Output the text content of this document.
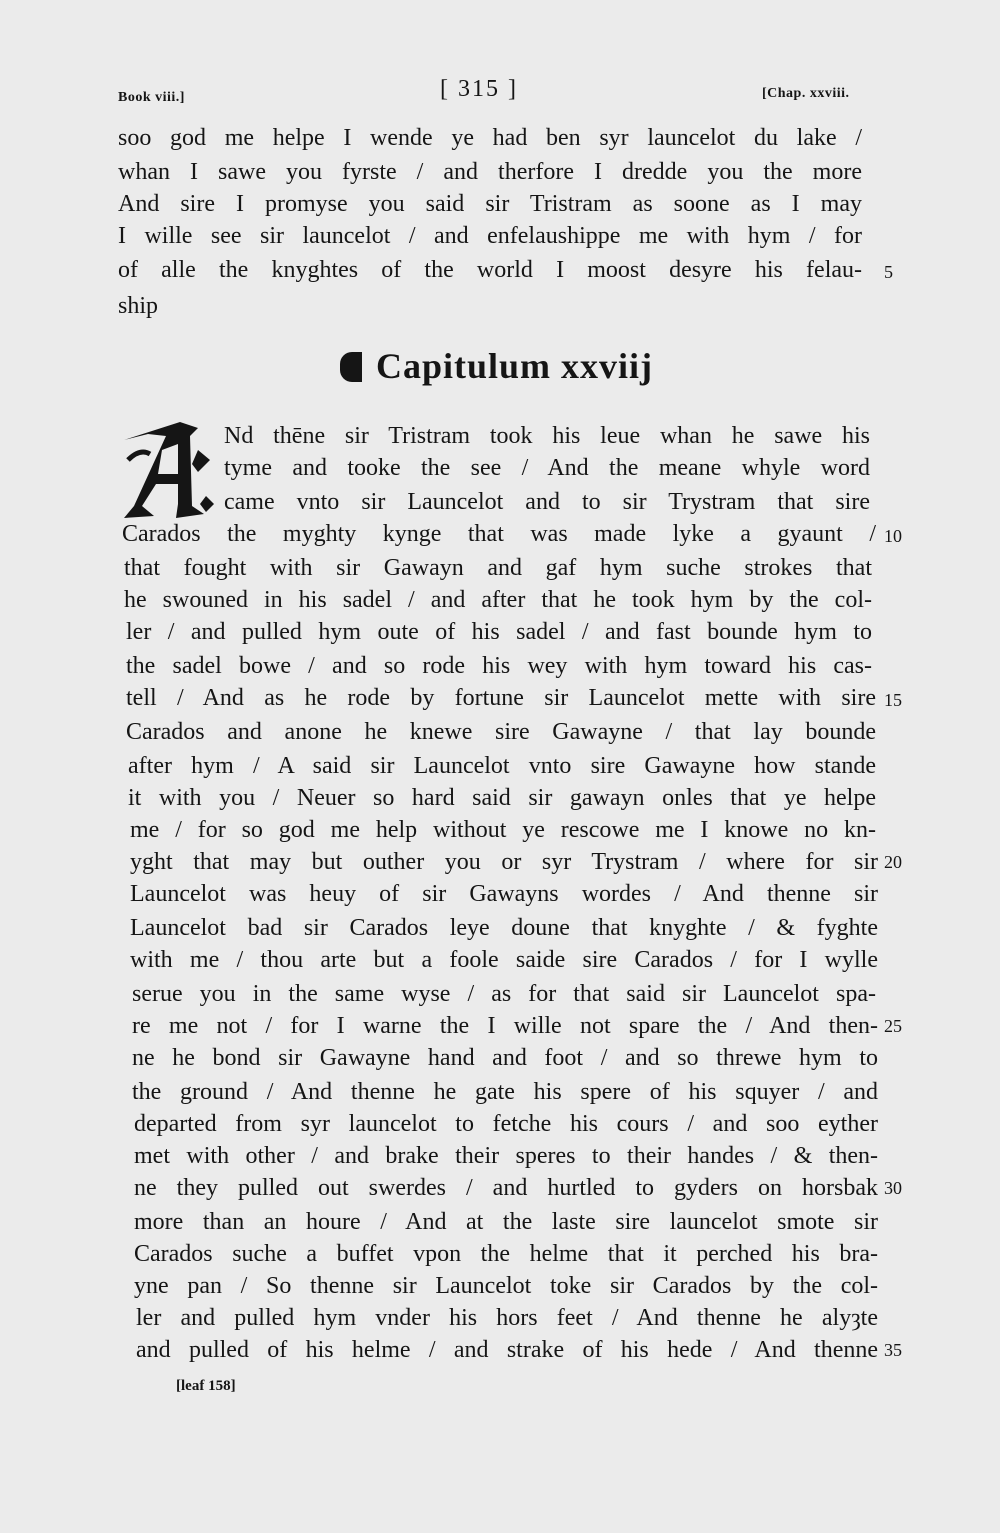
Book viii.]	[ 315 ]	[Chap. xxviii.
soo god me helpe I wende ye had ben syr launcelot du lake /
whan I sawe you fyrste / and therfore I dredde you the more
And sire I promyse you said sir Tristram as soone as I may
I wille see sir launcelot / and enfelaushippe me with hym / for
of alle the knyghtes of the world I moost desyre his felau-
ship
5
Capitulum xxviij
Nd thēne sir Tristram took his leue whan he sawe his
tyme and tooke the see / And the meane whyle word
came vnto sir Launcelot and to sir Trystram that sire
Carados the myghty kynge that was made lyke a gyaunt / 10
that fought with sir Gawayn and gaf hym suche strokes that
he swouned in his sadel / and after that he took hym by the col-
ler / and pulled hym oute of his sadel / and fast bounde hym to
the sadel bowe / and so rode his wey with hym toward his cas-
tell / And as he rode by fortune sir Launcelot mette with sire 15
Carados and anone he knewe sire Gawayne / that lay bounde
after hym / A said sir Launcelot vnto sire Gawayne how stande
it with you / Neuer so hard said sir gawayn onles that ye helpe
me / for so god me help without ye rescowe me I knowe no kn-
yght that may but outher you or syr Trystram / where for sir 20
Launcelot was heuy of sir Gawayns wordes / And thenne sir
Launcelot bad sir Carados leye doune that knyghte / & fyghte
with me / thou arte but a foole saide sire Carados / for I wylle
serue you in the same wyse / as for that said sir Launcelot spa-
re me not / for I warne the I wille not spare the / And then- 25
ne he bond sir Gawayne hand and foot / and so threwe hym to
the ground / And thenne he gate his spere of his squyer / and
departed from syr launcelot to fetche his cours / and soo eyther
met with other / and brake their speres to their handes / & then-
ne they pulled out swerdes / and hurtled to gyders on horsbak 30
more than an houre / And at the laste sire launcelot smote sir
Carados suche a buffet vpon the helme that it perched his bra-
yne pan / So thenne sir Launcelot toke sir Carados by the col-
ler and pulled hym vnder his hors feet / And thenne he alyȝte
and pulled of his helme / and strake of his hede / And thenne 35
[leaf 158]
